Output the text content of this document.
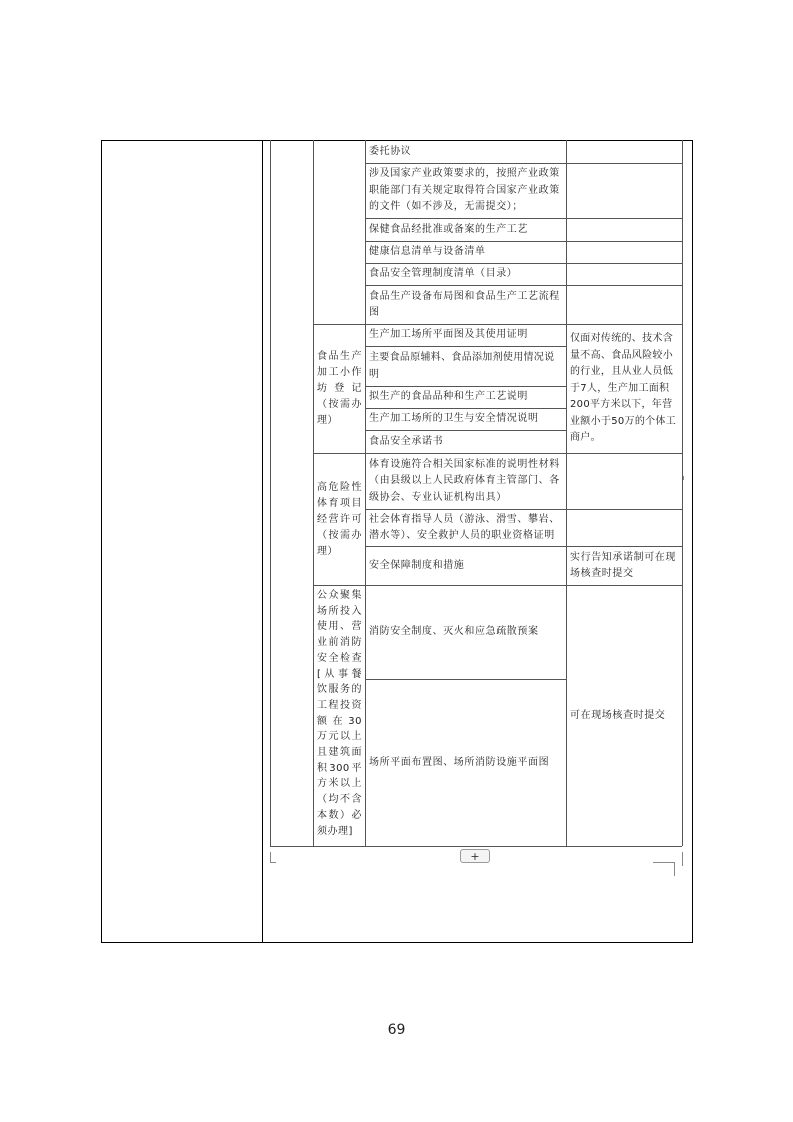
委托协议
涉及国家产业政策要求的，按照产业政策职能部门有关规定取得符合国家产业政策的文件（如不涉及，无需提交）；
保健食品经批准或备案的生产工艺
健康信息清单与设备清单
食品安全管理制度清单（目录）
食品生产设备布局图和食品生产工艺流程图
食品生产加工小作坊登记（按需办理）
生产加工场所平面图及其使用证明
主要食品原辅料、食品添加剂使用情况说明
拟生产的食品品种和生产工艺说明
生产加工场所的卫生与安全情况说明
食品安全承诺书
仅面对传统的、技术含量不高、食品风险较小的行业，且从业人员低于7人，生产加工面积200平方米以下，年营业额小于50万的个体工商户。
高危险性体育项目经营许可（按需办理）
体育设施符合相关国家标准的说明性材料（由县级以上人民政府体育主管部门、各级协会、专业认证机构出具）
社会体育指导人员（游泳、滑雪、攀岩、潜水等）、安全救护人员的职业资格证明
安全保障制度和措施
实行告知承诺制可在现场核查时提交
公众聚集场所投入使用、营业前消防安全检查[从事餐饮服务的工程投资额在30万元以上且建筑面积300平方米以上（均不含本数）必须办理]
消防安全制度、灭火和应急疏散预案
场所平面布置图、场所消防设施平面图
可在现场核查时提交
+
69
